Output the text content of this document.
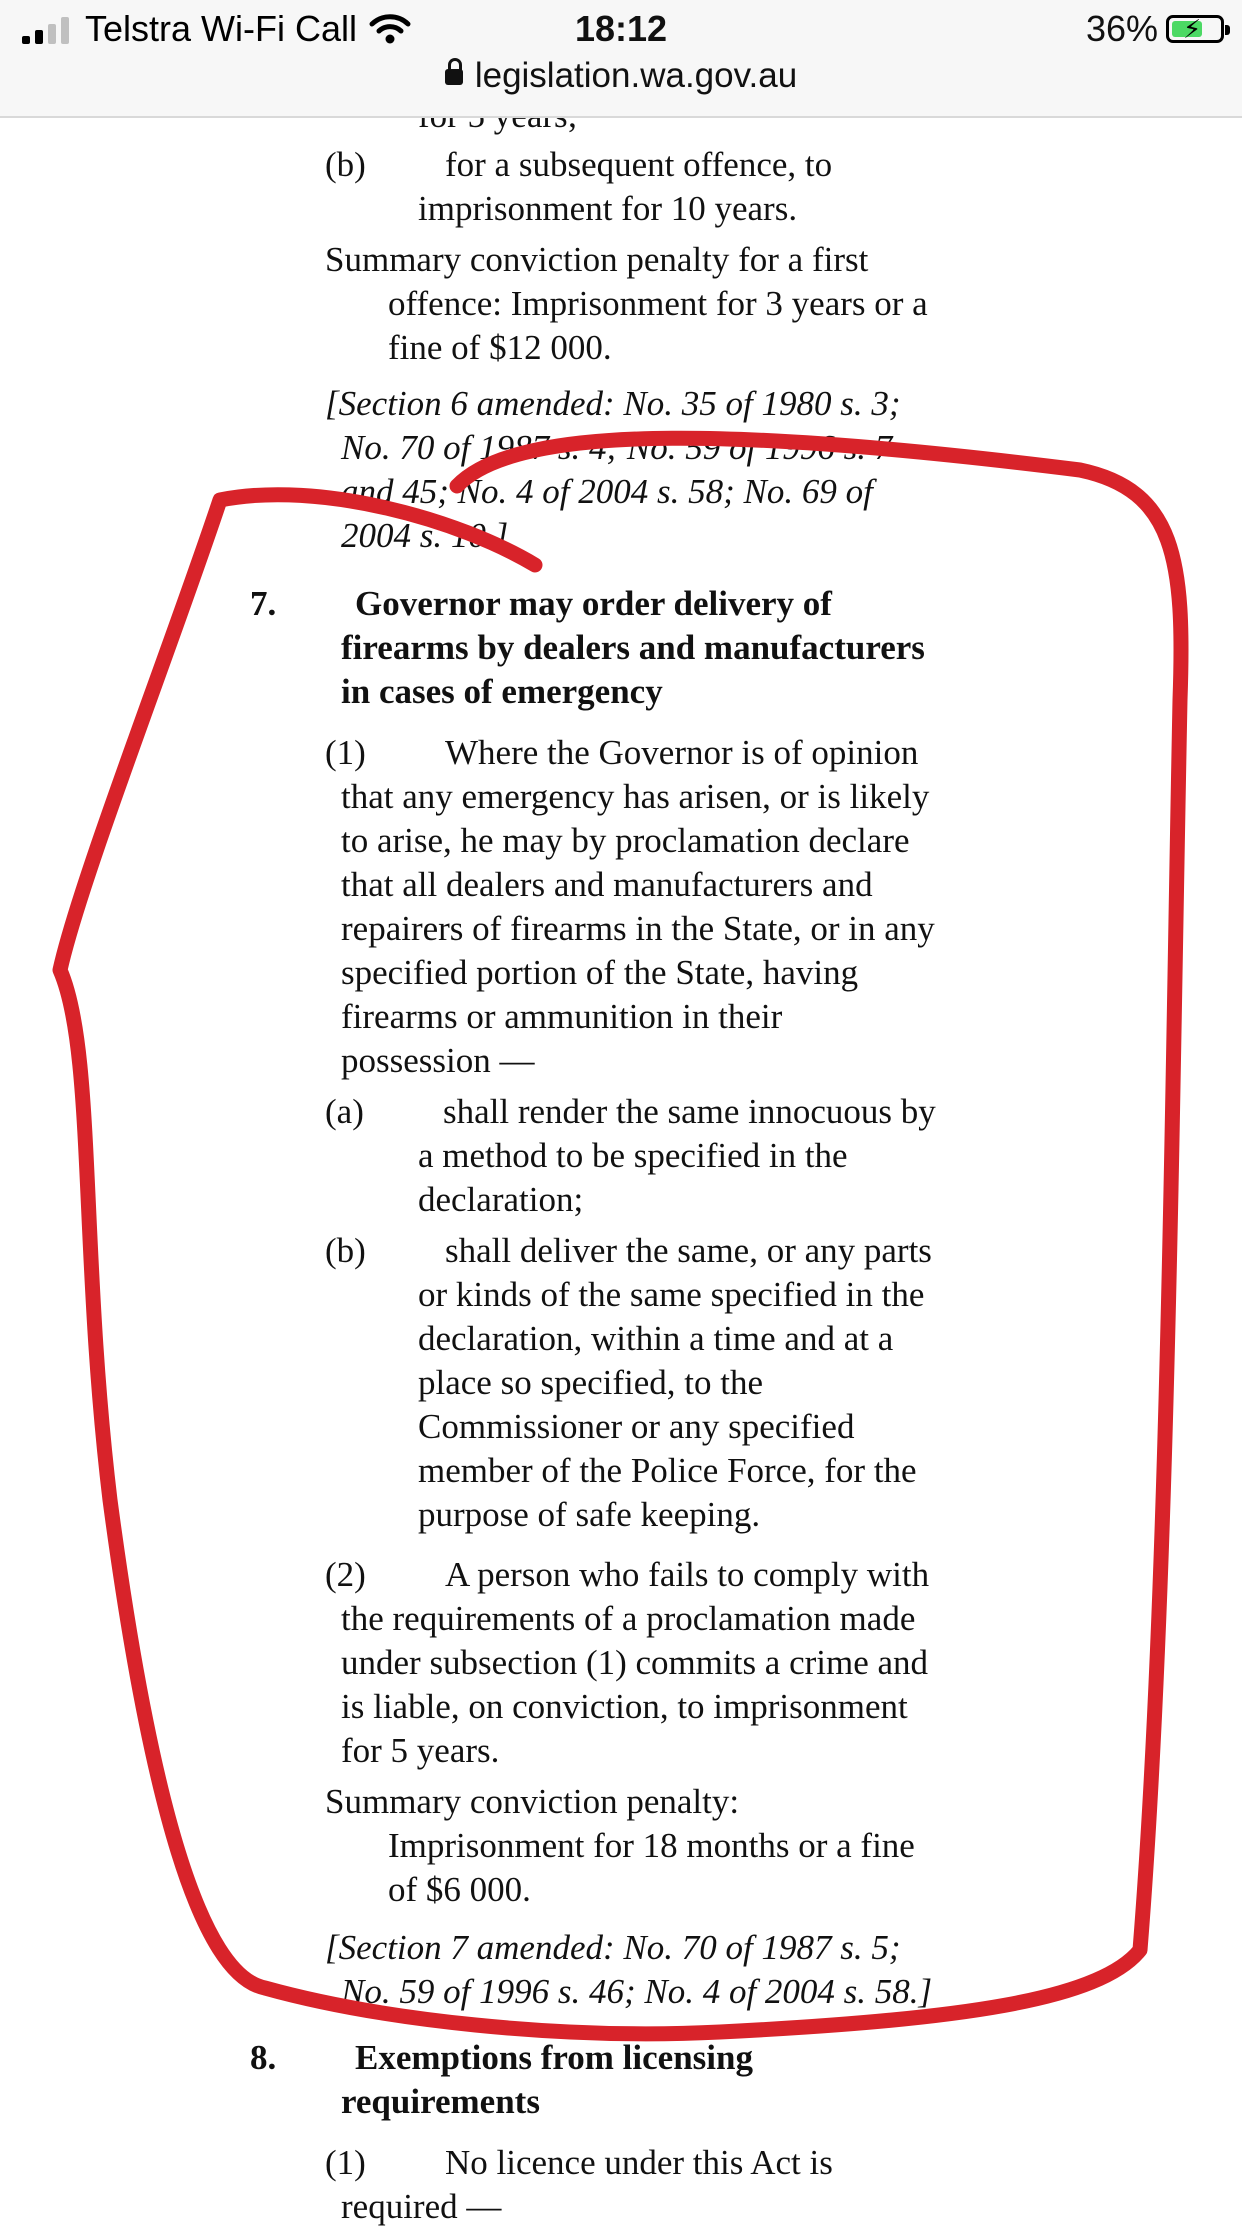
Telstra Wi-Fi Call	18:12	36% ⚡
legislation.wa.gov.au
(b) for a subsequent offence, to
imprisonment for 10 years.
Summary conviction penalty for a first
offence: Imprisonment for 3 years or a
fine of $12 000.
[Section 6 amended: No. 35 of 1980 s. 3;
No. 70 of 1987 s. 4; No. 59 of 1996 s. 7
and 45; No. 4 of 2004 s. 58; No. 69 of
2004 s. 10.]
7. Governor may order delivery of
firearms by dealers and manufacturers
in cases of emergency
(1) Where the Governor is of opinion
that any emergency has arisen, or is likely
to arise, he may by proclamation declare
that all dealers and manufacturers and
repairers of firearms in the State, or in any
specified portion of the State, having
firearms or ammunition in their
possession —
(a) shall render the same innocuous by
a method to be specified in the
declaration;
(b) shall deliver the same, or any parts
or kinds of the same specified in the
declaration, within a time and at a
place so specified, to the
Commissioner or any specified
member of the Police Force, for the
purpose of safe keeping.
(2) A person who fails to comply with
the requirements of a proclamation made
under subsection (1) commits a crime and
is liable, on conviction, to imprisonment
for 5 years.
Summary conviction penalty:
Imprisonment for 18 months or a fine
of $6 000.
[Section 7 amended: No. 70 of 1987 s. 5;
No. 59 of 1996 s. 46; No. 4 of 2004 s. 58.]
8. Exemptions from licensing
requirements
(1) No licence under this Act is
required —
